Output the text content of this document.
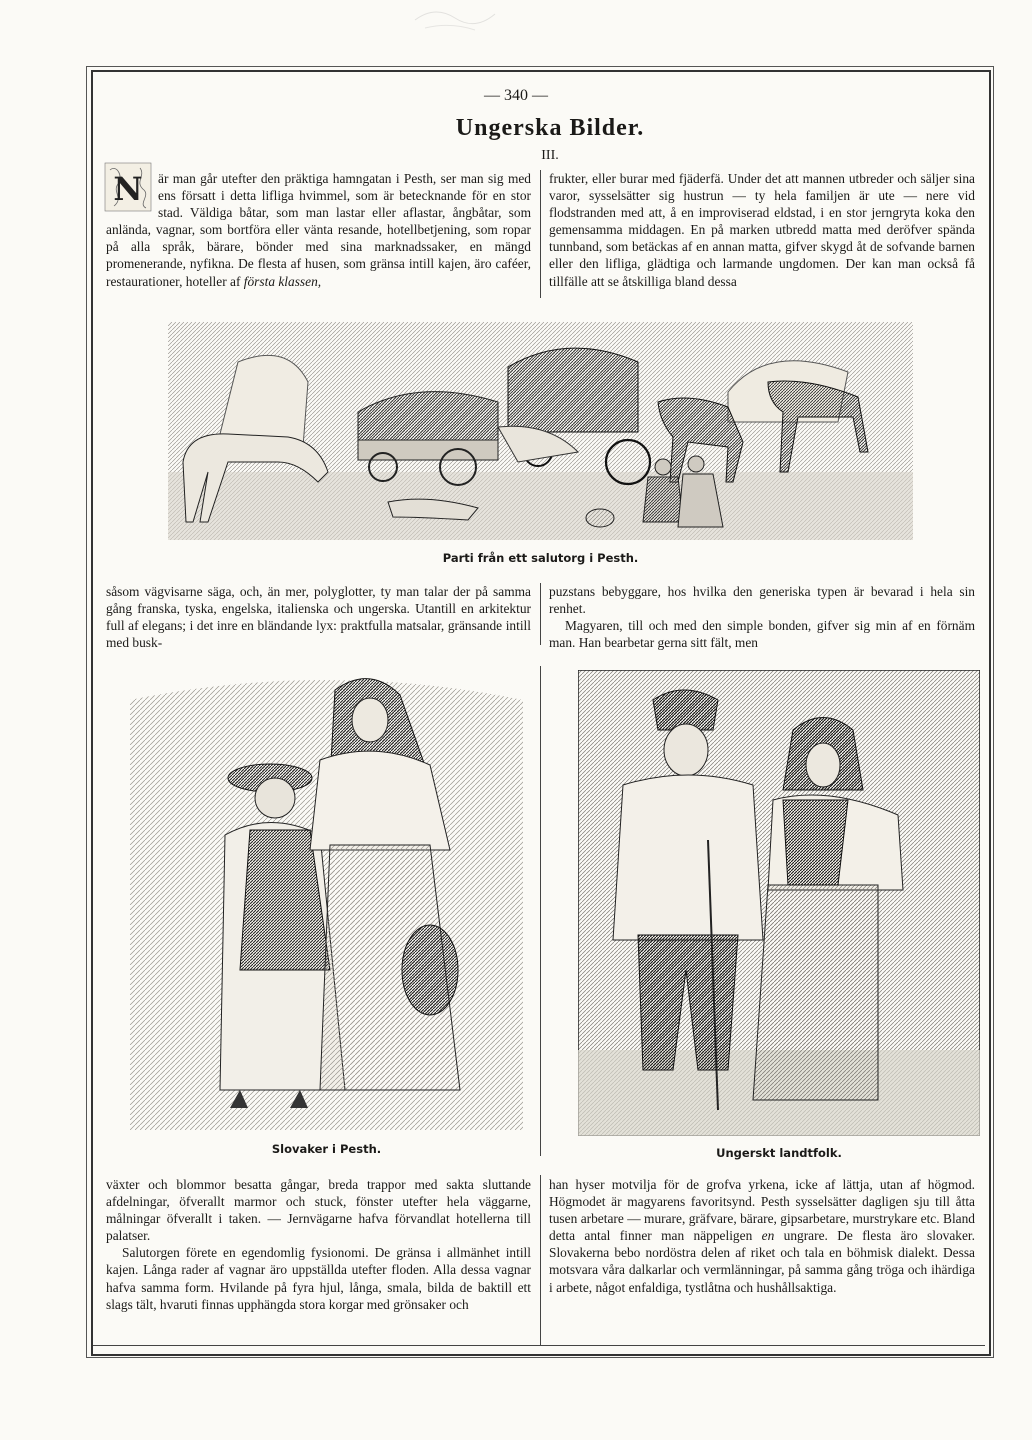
— 340 —
Ungerska Bilder.
III.

N är man går utefter den präktiga hamngatan i Pesth, ser man sig med ens försatt i detta lifliga hvimmel, som är betecknande för en stor stad. Väldiga båtar, som man lastar eller aflastar, ångbåtar, som anlända, vagnar, som bortföra eller vänta resande, hotellbetjening, som ropar på alla språk, bärare, bönder med sina marknadssaker, en mängd promenerande, nyfikna. De flesta af husen, som gränsa intill kajen, äro caféer, restaurationer, hoteller af första klassen,

frukter, eller burar med fjäderfä. Under det att mannen utbreder och säljer sina varor, sysselsätter sig hustrun — ty hela familjen är ute — nere vid flodstranden med att, å en improviserad eldstad, i en stor jerngryta koka den gemensamma middagen. En på marken utbredd matta med deröfver spända tunnband, som betäckas af en annan matta, gifver skygd åt de sofvande barnen eller den lifliga, glädtiga och larmande ungdomen. Der kan man också få tillfälle att se åtskilliga bland dessa

Parti från ett salutorg i Pesth.

såsom vägvisarne säga, och, än mer, polyglotter, ty man talar der på samma gång franska, tyska, engelska, italienska och ungerska. Utantill en arkitektur full af elegans; i det inre en bländande lyx: praktfulla matsalar, gränsande intill med busk-

puzstans bebyggare, hos hvilka den generiska typen är bevarad i hela sin renhet.

Magyaren, till och med den simple bonden, gifver sig min af en förnäm man. Han bearbetar gerna sitt fält, men

Slovaker i Pesth.	Ungerskt landtfolk.

växter och blommor besatta gångar, breda trappor med sakta sluttande afdelningar, öfverallt marmor och stuck, fönster utefter hela väggarne, målningar öfverallt i taken. — Jernvägarne hafva förvandlat hotellerna till palatser.

Salutorgen förete en egendomlig fysionomi. De gränsa i allmänhet intill kajen. Långa rader af vagnar äro uppställda utefter floden. Alla dessa vagnar hafva samma form. Hvilande på fyra hjul, långa, smala, bilda de baktill ett slags tält, hvaruti finnas upphängda stora korgar med grönsaker och

han hyser motvilja för de grofva yrkena, icke af lättja, utan af högmod. Högmodet är magyarens favoritsynd. Pesth sysselsätter dagligen sju till åtta tusen arbetare — murare, gräfvare, bärare, gipsarbetare, murstrykare etc. Bland detta antal finner man näppeligen en ungrare. De flesta äro slovaker. Slovakerna bebo nordöstra delen af riket och tala en böhmisk dialekt. Dessa motsvara våra dalkarlar och vermlänningar, på samma gång tröga och ihärdiga i arbete, något enfaldiga, tystlåtna och hushållsaktiga.
